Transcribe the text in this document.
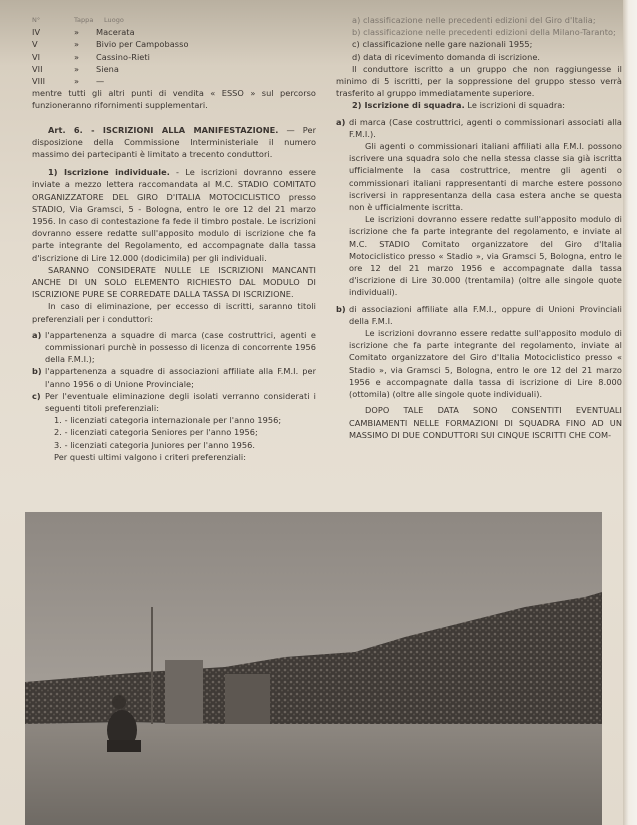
N°	Tappa	Luogo
IV	»	Macerata
V	»	Bivio per Campobasso
VI	»	Cassino-Rieti
VII	»	Siena
VIII	»	—

mentre tutti gli altri punti di vendita « ESSO » sul percorso funzioneranno rifornimenti supplementari.

Art. 6. - ISCRIZIONI ALLA MANIFESTAZIONE. — Per disposizione della Commissione Interministeriale il numero massimo dei partecipanti è limitato a trecento conduttori.

1) Iscrizione individuale. - Le iscrizioni dovranno essere inviate a mezzo lettera raccomandata al M.C. STADIO COMITATO ORGANIZZATORE DEL GIRO D'ITALIA MOTOCICLISTICO presso STADIO, Via Gramsci, 5 - Bologna, entro le ore 12 del 21 marzo 1956. In caso di contestazione fa fede il timbro postale. Le iscrizioni dovranno essere redatte sull'apposito modulo di iscrizione che fa parte integrante del Regolamento, ed accompagnate dalla tassa d'iscrizione di Lire 12.000 (dodicimila) per gli individuali.

SARANNO CONSIDERATE NULLE LE ISCRIZIONI MANCANTI ANCHE DI UN SOLO ELEMENTO RICHIESTO DAL MODULO DI ISCRIZIONE PURE SE CORREDATE DALLA TASSA DI ISCRIZIONE.

In caso di eliminazione, per eccesso di iscritti, saranno titoli preferenziali per i conduttori:

a) l'appartenenza a squadre di marca (case costruttrici, agenti e commissionari purchè in possesso di licenza di concorrente 1956 della F.M.I.);
b) l'appartenenza a squadre di associazioni affiliate alla F.M.I. per l'anno 1956 o di Unione Provinciale;
c) Per l'eventuale eliminazione degli isolati verranno considerati i seguenti titoli preferenziali:

1. - licenziati categoria internazionale per l'anno 1956;

2. - licenziati categoria Seniores per l'anno 1956;

3. - licenziati categoria Juniores per l'anno 1956.

Per questi ultimi valgono i criteri preferenziali:

a) classificazione nelle precedenti edizioni del Giro d'Italia;

b) classificazione nelle precedenti edizioni della Milano-Taranto;

c) classificazione nelle gare nazionali 1955;

d) data di ricevimento domanda di iscrizione.

Il conduttore iscritto a un gruppo che non raggiungesse il minimo di 5 iscritti, per la soppressione del gruppo stesso verrà trasferito al gruppo immediatamente superiore.

2) Iscrizione di squadra. Le iscrizioni di squadra:

a) di marca (Case costruttrici, agenti o commissionari associati alla F.M.I.).

Gli agenti o commissionari italiani affiliati alla F.M.I. possono iscrivere una squadra solo che nella stessa classe sia già iscritta ufficialmente la casa costruttrice, mentre gli agenti o commissionari italiani rappresentanti di marche estere possono iscriversi in rappresentanza della casa estera anche se questa non è ufficialmente iscritta.

Le iscrizioni dovranno essere redatte sull'apposito modulo di iscrizione che fa parte integrante del regolamento, e inviate al M.C. STADIO Comitato organizzatore del Giro d'Italia Motociclistico presso « Stadio », via Gramsci 5, Bologna, entro le ore 12 del 21 marzo 1956 e accompagnate dalla tassa d'iscrizione di Lire 30.000 (trentamila) (oltre alle singole quote individuali).

b) di associazioni affiliate alla F.M.I., oppure di Unioni Provinciali della F.M.I.

Le iscrizioni dovranno essere redatte sull'apposito modulo di iscrizione che fa parte integrante del regolamento, inviate al Comitato organizzatore del Giro d'Italia Motociclistico presso « Stadio », via Gramsci 5, Bologna, entro le ore 12 del 21 marzo 1956 e accompagnate dalla tassa di iscrizione di Lire 8.000 (ottomila) (oltre alle singole quote individuali).

DOPO TALE DATA SONO CONSENTITI EVENTUALI CAMBIAMENTI NELLE FORMAZIONI DI SQUADRA FINO AD UN MASSIMO DI DUE CONDUTTORI SUI CINQUE ISCRITTI CHE COM-
